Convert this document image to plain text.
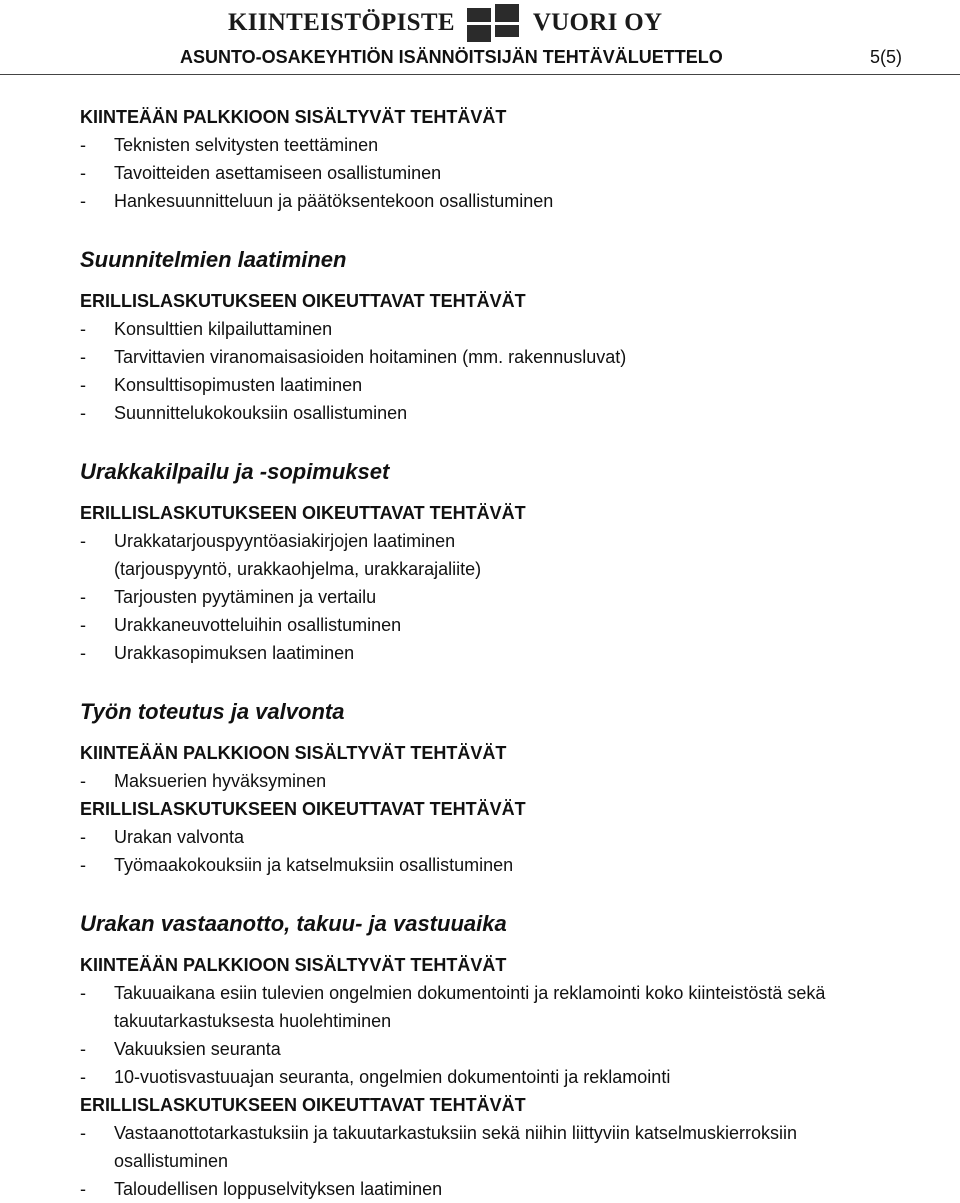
KIINTEISTÖPISTE	VUORI OY
ASUNTO-OSAKEYHTIÖN ISÄNNÖITSIJÄN TEHTÄVÄLUETTELO	5(5)
KIINTEÄÄN PALKKIOON SISÄLTYVÄT TEHTÄVÄT
-	Teknisten selvitysten teettäminen
-	Tavoitteiden asettamiseen osallistuminen
-	Hankesuunnitteluun ja päätöksentekoon osallistuminen
Suunnitelmien laatiminen
ERILLISLASKUTUKSEEN OIKEUTTAVAT TEHTÄVÄT
-	Konsulttien kilpailuttaminen
-	Tarvittavien viranomaisasioiden hoitaminen (mm. rakennusluvat)
-	Konsulttisopimusten laatiminen
-	Suunnittelukokouksiin osallistuminen
Urakkakilpailu ja -sopimukset
ERILLISLASKUTUKSEEN OIKEUTTAVAT TEHTÄVÄT
-	Urakkatarjouspyyntöasiakirjojen laatiminen
(tarjouspyyntö, urakkaohjelma, urakkarajaliite)
-	Tarjousten pyytäminen ja vertailu
-	Urakkaneuvotteluihin osallistuminen
-	Urakkasopimuksen laatiminen
Työn toteutus ja valvonta
KIINTEÄÄN PALKKIOON SISÄLTYVÄT TEHTÄVÄT
-	Maksuerien hyväksyminen
ERILLISLASKUTUKSEEN OIKEUTTAVAT TEHTÄVÄT
-	Urakan valvonta
-	Työmaakokouksiin ja katselmuksiin osallistuminen
Urakan vastaanotto, takuu- ja vastuuaika
KIINTEÄÄN PALKKIOON SISÄLTYVÄT TEHTÄVÄT
-	Takuuaikana esiin tulevien ongelmien dokumentointi ja reklamointi koko kiinteistöstä sekä
takuutarkastuksesta huolehtiminen
-	Vakuuksien seuranta
-	10-vuotisvastuuajan seuranta, ongelmien dokumentointi ja reklamointi
ERILLISLASKUTUKSEEN OIKEUTTAVAT TEHTÄVÄT
-	Vastaanottotarkastuksiin ja takuutarkastuksiin sekä niihin liittyviin katselmuskierroksiin
osallistuminen
-	Taloudellisen loppuselvityksen laatiminen
